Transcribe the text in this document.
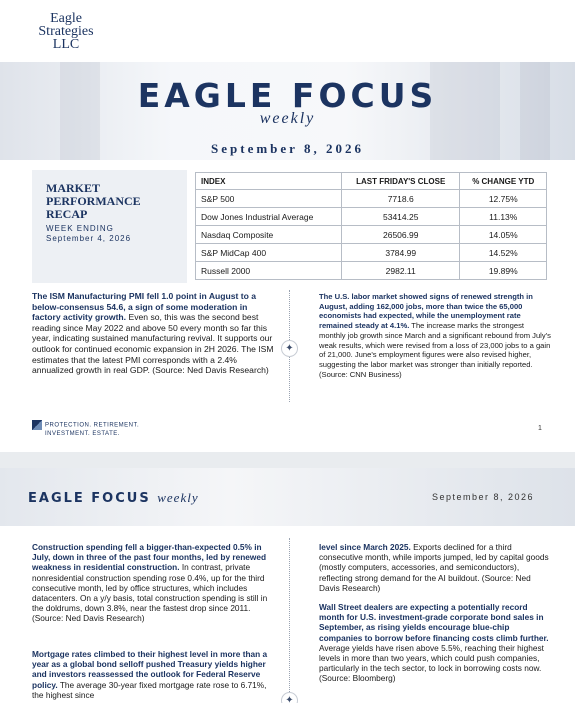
Eagle
Strategies
LLC
EAGLE FOCUS
weekly
September 8, 2026
MARKET PERFORMANCE RECAP
WEEK ENDING
September 4, 2026
INDEX	LAST FRIDAY'S CLOSE	% CHANGE YTD
S&P 500	7718.6	12.75%
Dow Jones Industrial Average	53414.25	11.13%
Nasdaq Composite	26506.99	14.05%
S&P MidCap 400	3784.99	14.52%
Russell 2000	2982.11	19.89%
The ISM Manufacturing PMI fell 1.0 point in August to a below-consensus 54.6, a sign of some moderation in factory activity growth. Even so, this was the second best reading since May 2022 and above 50 every month so far this year, indicating sustained manufacturing revival. It supports our outlook for continued economic expansion in 2H 2026. The ISM estimates that the latest PMI corresponds with a 2.4% annualized growth in real GDP. (Source: Ned Davis Research)
✦
The U.S. labor market showed signs of renewed strength in August, adding 162,000 jobs, more than twice the 65,000 economists had expected, while the unemployment rate remained steady at 4.1%. The increase marks the strongest monthly job growth since March and a significant rebound from July's weak results, which were revised from a loss of 23,000 jobs to a gain of 21,000. June's employment figures were also revised higher, suggesting the labor market was stronger than initially reported. (Source: CNN Business)
PROTECTION. RETIREMENT.
INVESTMENT. ESTATE.
1
EAGLE FOCUS weekly	September 8, 2026
Construction spending fell a bigger-than-expected 0.5% in July, down in three of the past four months, led by renewed weakness in residential construction. In contrast, private nonresidential construction spending rose 0.4%, up for the third consecutive month, led by office structures, which includes datacenters. On a y/y basis, total construction spending is still in the doldrums, down 3.8%, near the fastest drop since 2011. (Source: Ned Davis Research)
Mortgage rates climbed to their highest level in more than a year as a global bond selloff pushed Treasury yields higher and investors reassessed the outlook for Federal Reserve policy. The average 30-year fixed mortgage rate rose to 6.71%, the highest since
✦
level since March 2025. Exports declined for a third consecutive month, while imports jumped, led by capital goods (mostly computers, accessories, and semiconductors), reflecting strong demand for the AI buildout. (Source: Ned Davis Research)
Wall Street dealers are expecting a potentially record month for U.S. investment-grade corporate bond sales in September, as rising yields encourage blue-chip companies to borrow before financing costs climb further. Average yields have risen above 5.5%, reaching their highest levels in more than two years, which could push companies, particularly in the tech sector, to lock in borrowing costs now. (Source: Bloomberg)
